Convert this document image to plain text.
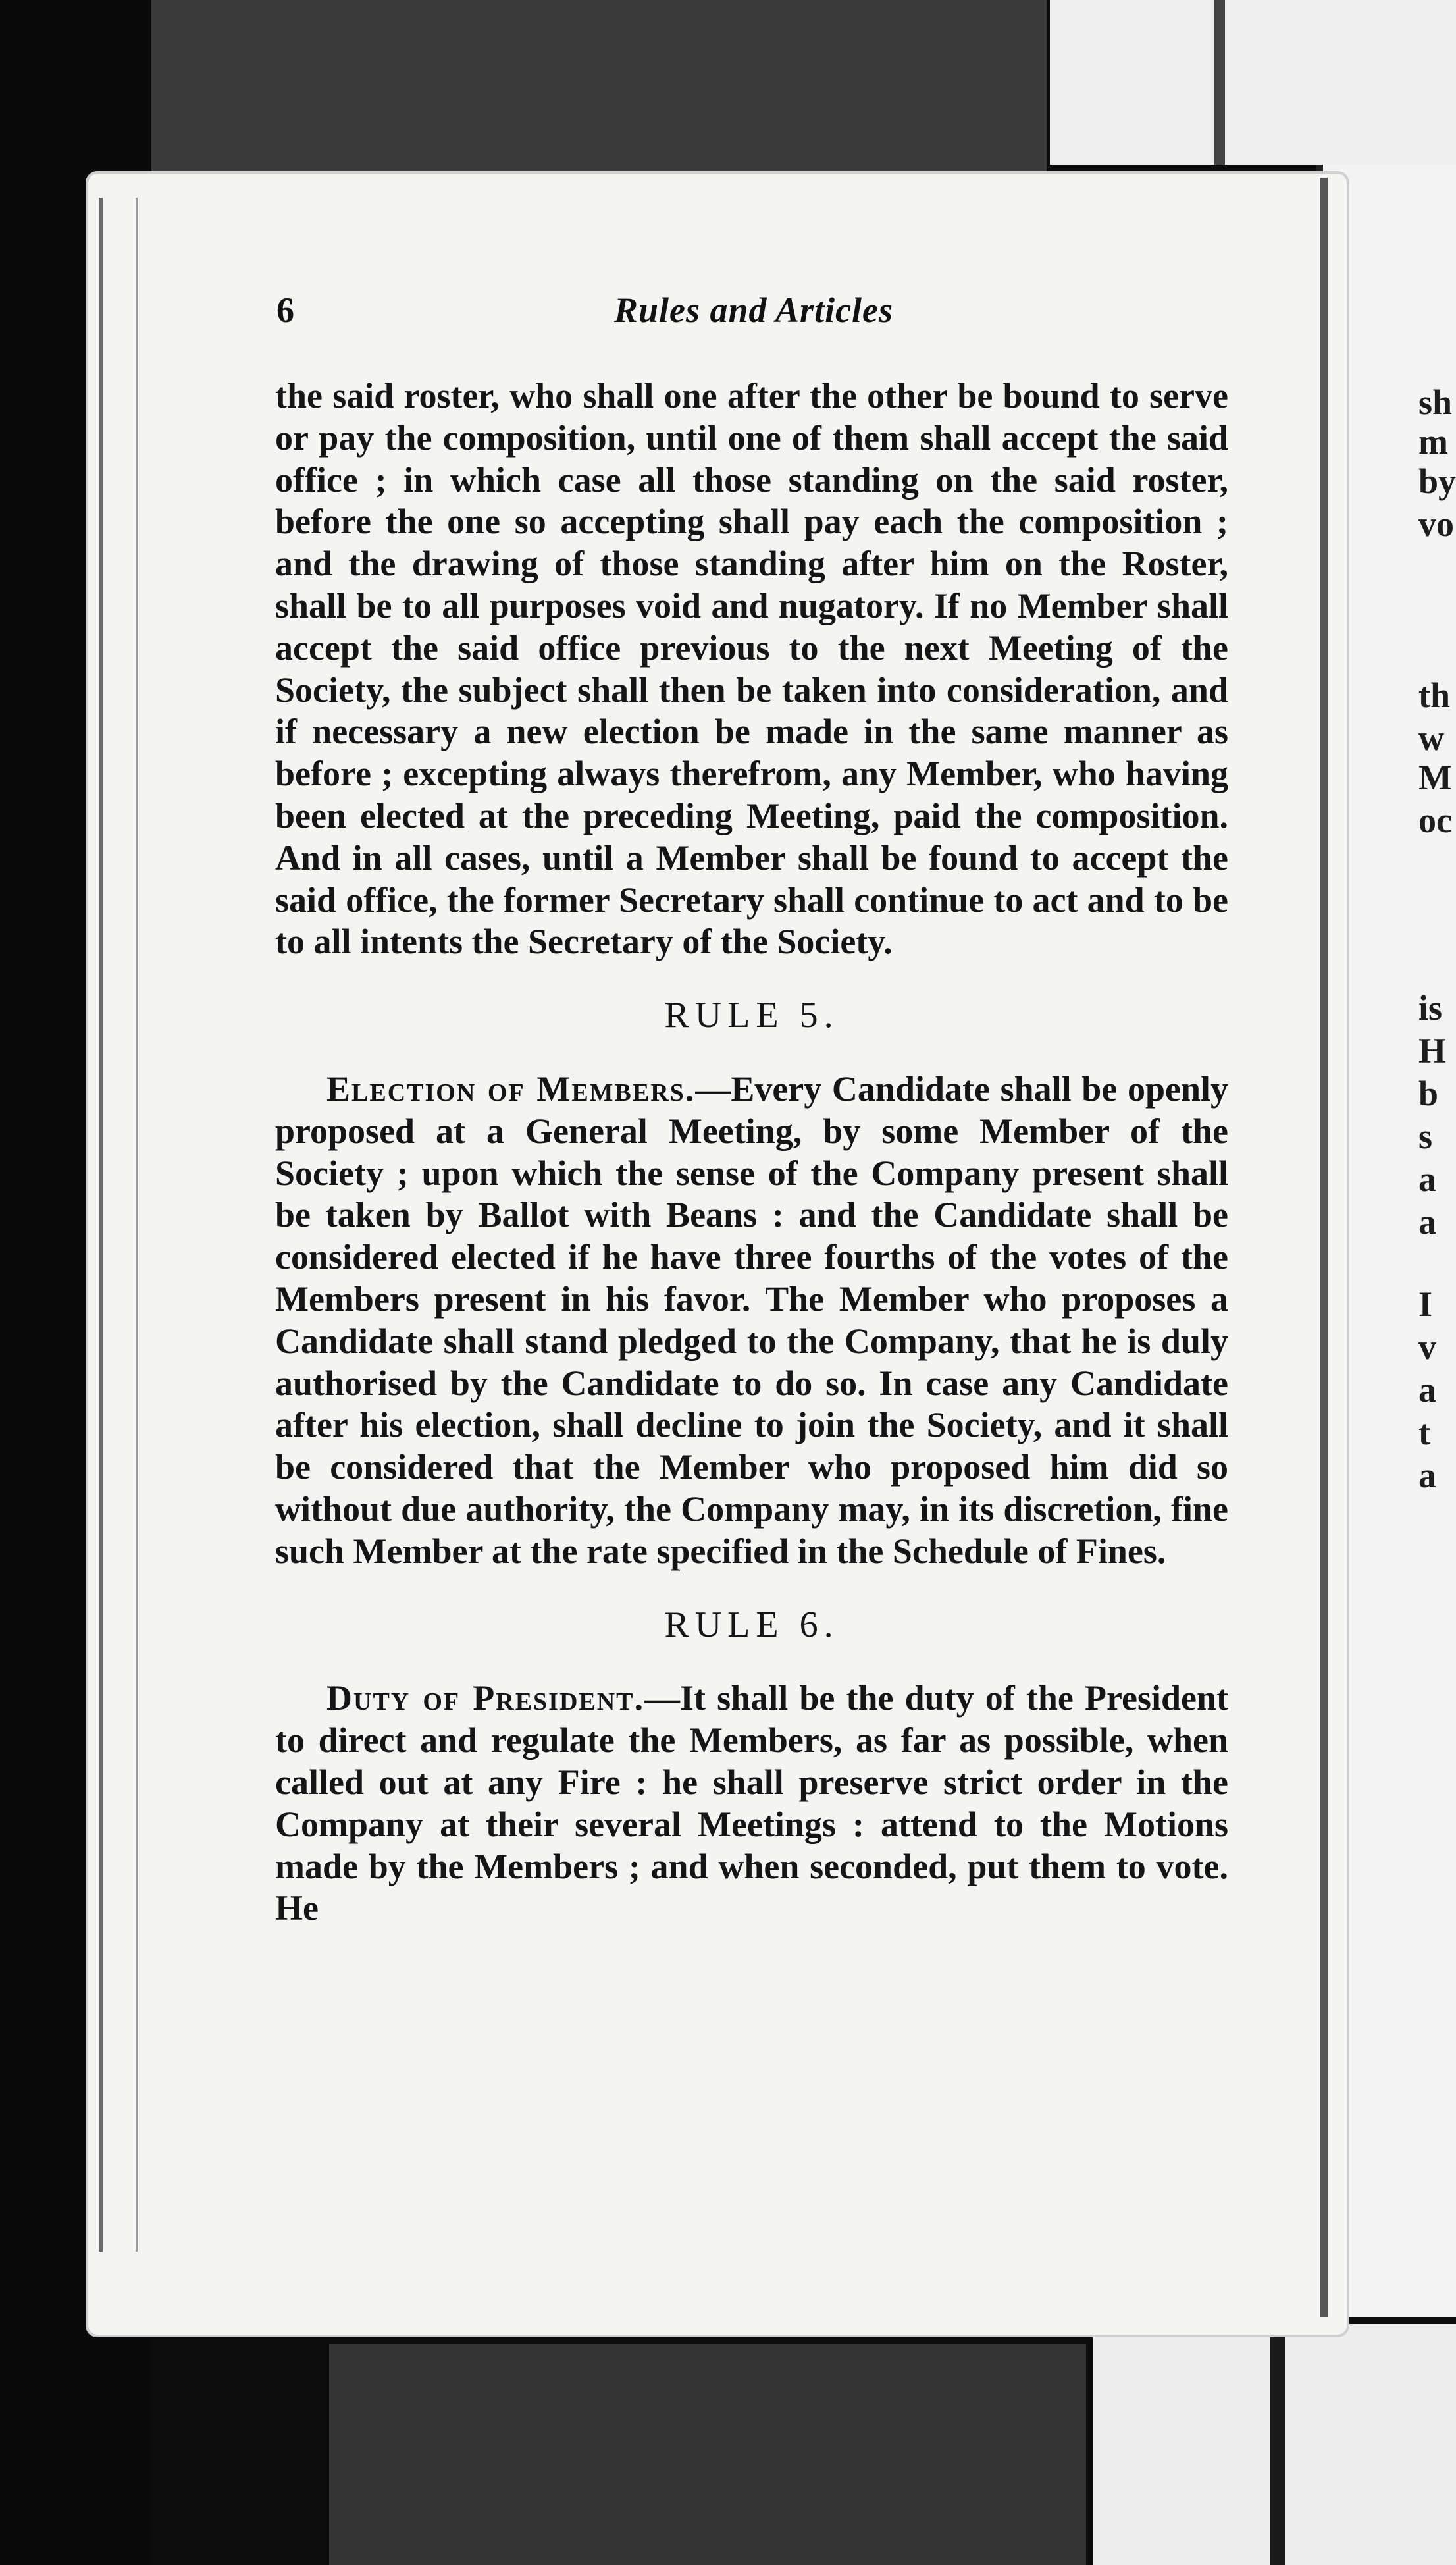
sh
m
by
vo
th
w
M
oc
is
H
b
s
a
a
I
v
a
t
a
6	Rules and Articles

the said roster, who shall one after the other be bound to serve or pay the composition, until one of them shall accept the said office ; in which case all those standing on the said roster, before the one so accepting shall pay each the composition ; and the drawing of those standing after him on the Roster, shall be to all purposes void and nugatory. If no Member shall accept the said office previous to the next Meeting of the Society, the subject shall then be taken into consideration, and if necessary a new election be made in the same manner as before ; excepting always therefrom, any Member, who having been elected at the preceding Meeting, paid the composition. And in all cases, until a Member shall be found to accept the said office, the former Secretary shall continue to act and to be to all intents the Secretary of the Society.

RULE 5.

Election of Members.—Every Candidate shall be openly proposed at a General Meeting, by some Member of the Society ; upon which the sense of the Company present shall be taken by Ballot with Beans : and the Candidate shall be considered elected if he have three fourths of the votes of the Members present in his favor. The Member who proposes a Candidate shall stand pledged to the Company, that he is duly authorised by the Candidate to do so. In case any Candidate after his election, shall decline to join the Society, and it shall be considered that the Member who proposed him did so without due authority, the Company may, in its discretion, fine such Member at the rate specified in the Schedule of Fines.

RULE 6.

Duty of President.—It shall be the duty of the President to direct and regulate the Members, as far as possible, when called out at any Fire : he shall preserve strict order in the Company at their several Meetings : attend to the Motions made by the Members ; and when seconded, put them to vote. He
